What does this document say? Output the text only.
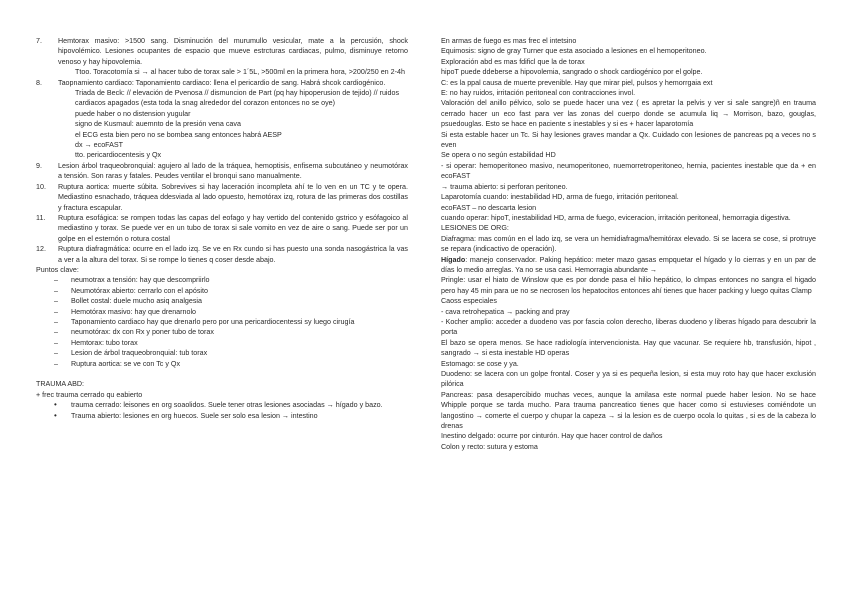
7.	Hemtorax masivo: >1500 sang. Disminución del murumullo vesicular, mate a la percusión, shock hipovolémico. Lesiones ocupantes de espacio que mueve estrcturas cardiacas, pulmo, disminuye retorno venoso y hay hipovolemia.

Ttoo. Toracotomía si → al hacer tubo de torax sale > 1´5L, >500ml en la primera hora, >200/250 en 2-4h

8.	Taopnamiento cardiaco: Taponamiento cardiaco: llena el pericardio de sang. Habrá shcok cardiogénico.

Triada de Beck: // elevación de Pvenosa // dismuncion de Part (pq hay hipoperusion de tejido) // ruidos cardiacos apagados (esta toda la snag alrededor del corazon entonces no se oye)

puede haber o no distension yugular

signo de Kusmaul: auemnto de la presión vena cava

el ECG esta bien pero no se bombea sang entonces habrá AESP

dx → ecoFAST

tto. pericardiocentesis y Qx

9.	Lesion árbol traqueobronquial: agujero al lado de la tráquea, hemoptisis, enfisema subcutáneo y neumotórax a tensión. Son raras y fatales. Peudes ventilar el bronqui sano manualmente.
10.	Ruptura aortica: muerte súbita. Sobrevives si hay laceración incompleta ahí te lo ven en un TC y te opera. Mediastino esnachado, tráquea ddesviada al lado opuesto, hemotórax izq, rotura de las primeras dos costillas y fractura escapular.
11.	Ruptura esofágica: se rompen todas las capas del eofago y hay vertido del contenido gstrico y esófagoico al mediastino y torax. Se puede ver en un tubo de torax si sale vomito en vez de aire o sang. Puede ser por un golpe en el esternón o rotura costal
12.	Ruptura diafragmática: ocurre en el lado izq. Se ve en Rx cundo si has puesto una sonda nasogástrica la vas a ver a la altura del torax. Si se rompe lo tienes q coser desde abajo.

Puntos clave:

–	neumotrax a tensión: hay que descompriirlo
–	Neumotórax abierto: cerrarlo con el apósito
–	Bollet costal: duele mucho asiq analgesia
–	Hemotórax masivo: hay que drenarnolo
–	Taponamiento cardiaco hay que drenarlo pero por una pericardiocentessi sy luego cirugía
–	neumotórax: dx con Rx y poner tubo de torax
–	Hemtorax: tubo torax
–	Lesion de árbol traqueobronquial: tub torax
–	Ruptura aortica: se ve con Tc y Qx

TRAUMA ABD:

+ frec trauma cerrado qu eabierto

•	trauma cerrado: leisones en org soaolidos. Suele tener otras lesiones asociadas → hígado y bazo.
•	Trauma abierto: lesiones en org huecos. Suele ser solo esa lesion → intestino

En armas de fuego es mas frec el intetsino

Equimosis: signo de gray Turner que esta asociado a lesiones en el hemoperitoneo.

Exploración abd es mas fdificl que la de torax

hipoT puede ddeberse a hipovolemia, sangrado o shock cardiogénico por el golpe.

C: es la ppal causa de muerte prevenible. Hay que mirar piel, pulsos y hemorrgaia ext

E: no hay ruidos, irritación peritoneal con contracciones invol.

Valoración del anillo pélvico, solo se puede hacer una vez ( es apretar la pelvis y ver si sale sangre)ñ en trauma cerrado hacer un eco fast para ver las zonas del cuerpo donde se acumula liq → Morrison, bazo, gouglas, psuedouglas. Esto se hace en paciente s inestables y si es + hacer laparotomía

Si esta estable hacer un Tc. Si hay lesiones graves mandar a Qx. Cuidado con lesiones de pancreas pq a veces no s even

Se opera o no según estabilidad HD

- si operar: hemoperitoneo masivo, neumoperitoneo, nuemorretroperitoneo, hernia, pacientes inestable que da + en ecoFAST

→ trauma abierto: si perforan peritoneo.

Laparotomía cuando: inestabilidad HD, arma de fuego, irritación peritoneal.

ecoFAST – no descarta lesion

cuando operar: hipoT, inestabilidad HD, arma de fuego, eviceracion, irritación peritoneal, hemorragia digestiva.

LESIONES DE ORG:

Diafragma: mas común en el lado izq, se vera un hemidiafragma/hemitórax elevado. Si se lacera se cose, si protruye se repara (indicactivo de operación).

Hígado: manejo conservador. Paking hepático: meter mazo gasas empquetar el hígado y lo cierras y en un par de días lo medio arreglas. Ya no se usa casi. Hemorragia abundante →

Pringle: usar el hiato de Winslow que es por donde pasa el hilio hepático, lo clmpas entonces no sangra el higado pero hay 45 min para ue no se necrosen los hepatocitos entonces ahí tienes que hacer packing y luego quitas Clamp

Caoss especiales

- cava retrohepatica → packing and pray

- Kocher amplio: acceder a duodeno vas por fascia colon derecho, liberas duodeno y liberas hígado para descubrir la porta

El bazo se opera menos. Se hace radiología intervencionista. Hay que vacunar. Se requiere hb, transfusión, hipot , sangrado → si esta inestable HD operas

Estomago: se cose y ya.

Duodeno: se lacera con un golpe frontal. Coser y ya si es pequeña lesion, si esta muy roto hay que hacer exclusión pilórica

Pancreas: pasa desapercibido muchas veces, aunque la amilasa este normal puede haber lesion. No se hace Whipple porque se tarda mucho. Para trauma pancreatico tienes que hacer como si estuvieses comiéndote un langostino → comerte el cuerpo y chupar la capeza → si la lesion es de cuerpo ocola lo quitas , si es de la cabeza lo drenas

Inestino delgado: ocurre por cinturón. Hay que hacer control de daños

Colon y recto: sutura y estoma
